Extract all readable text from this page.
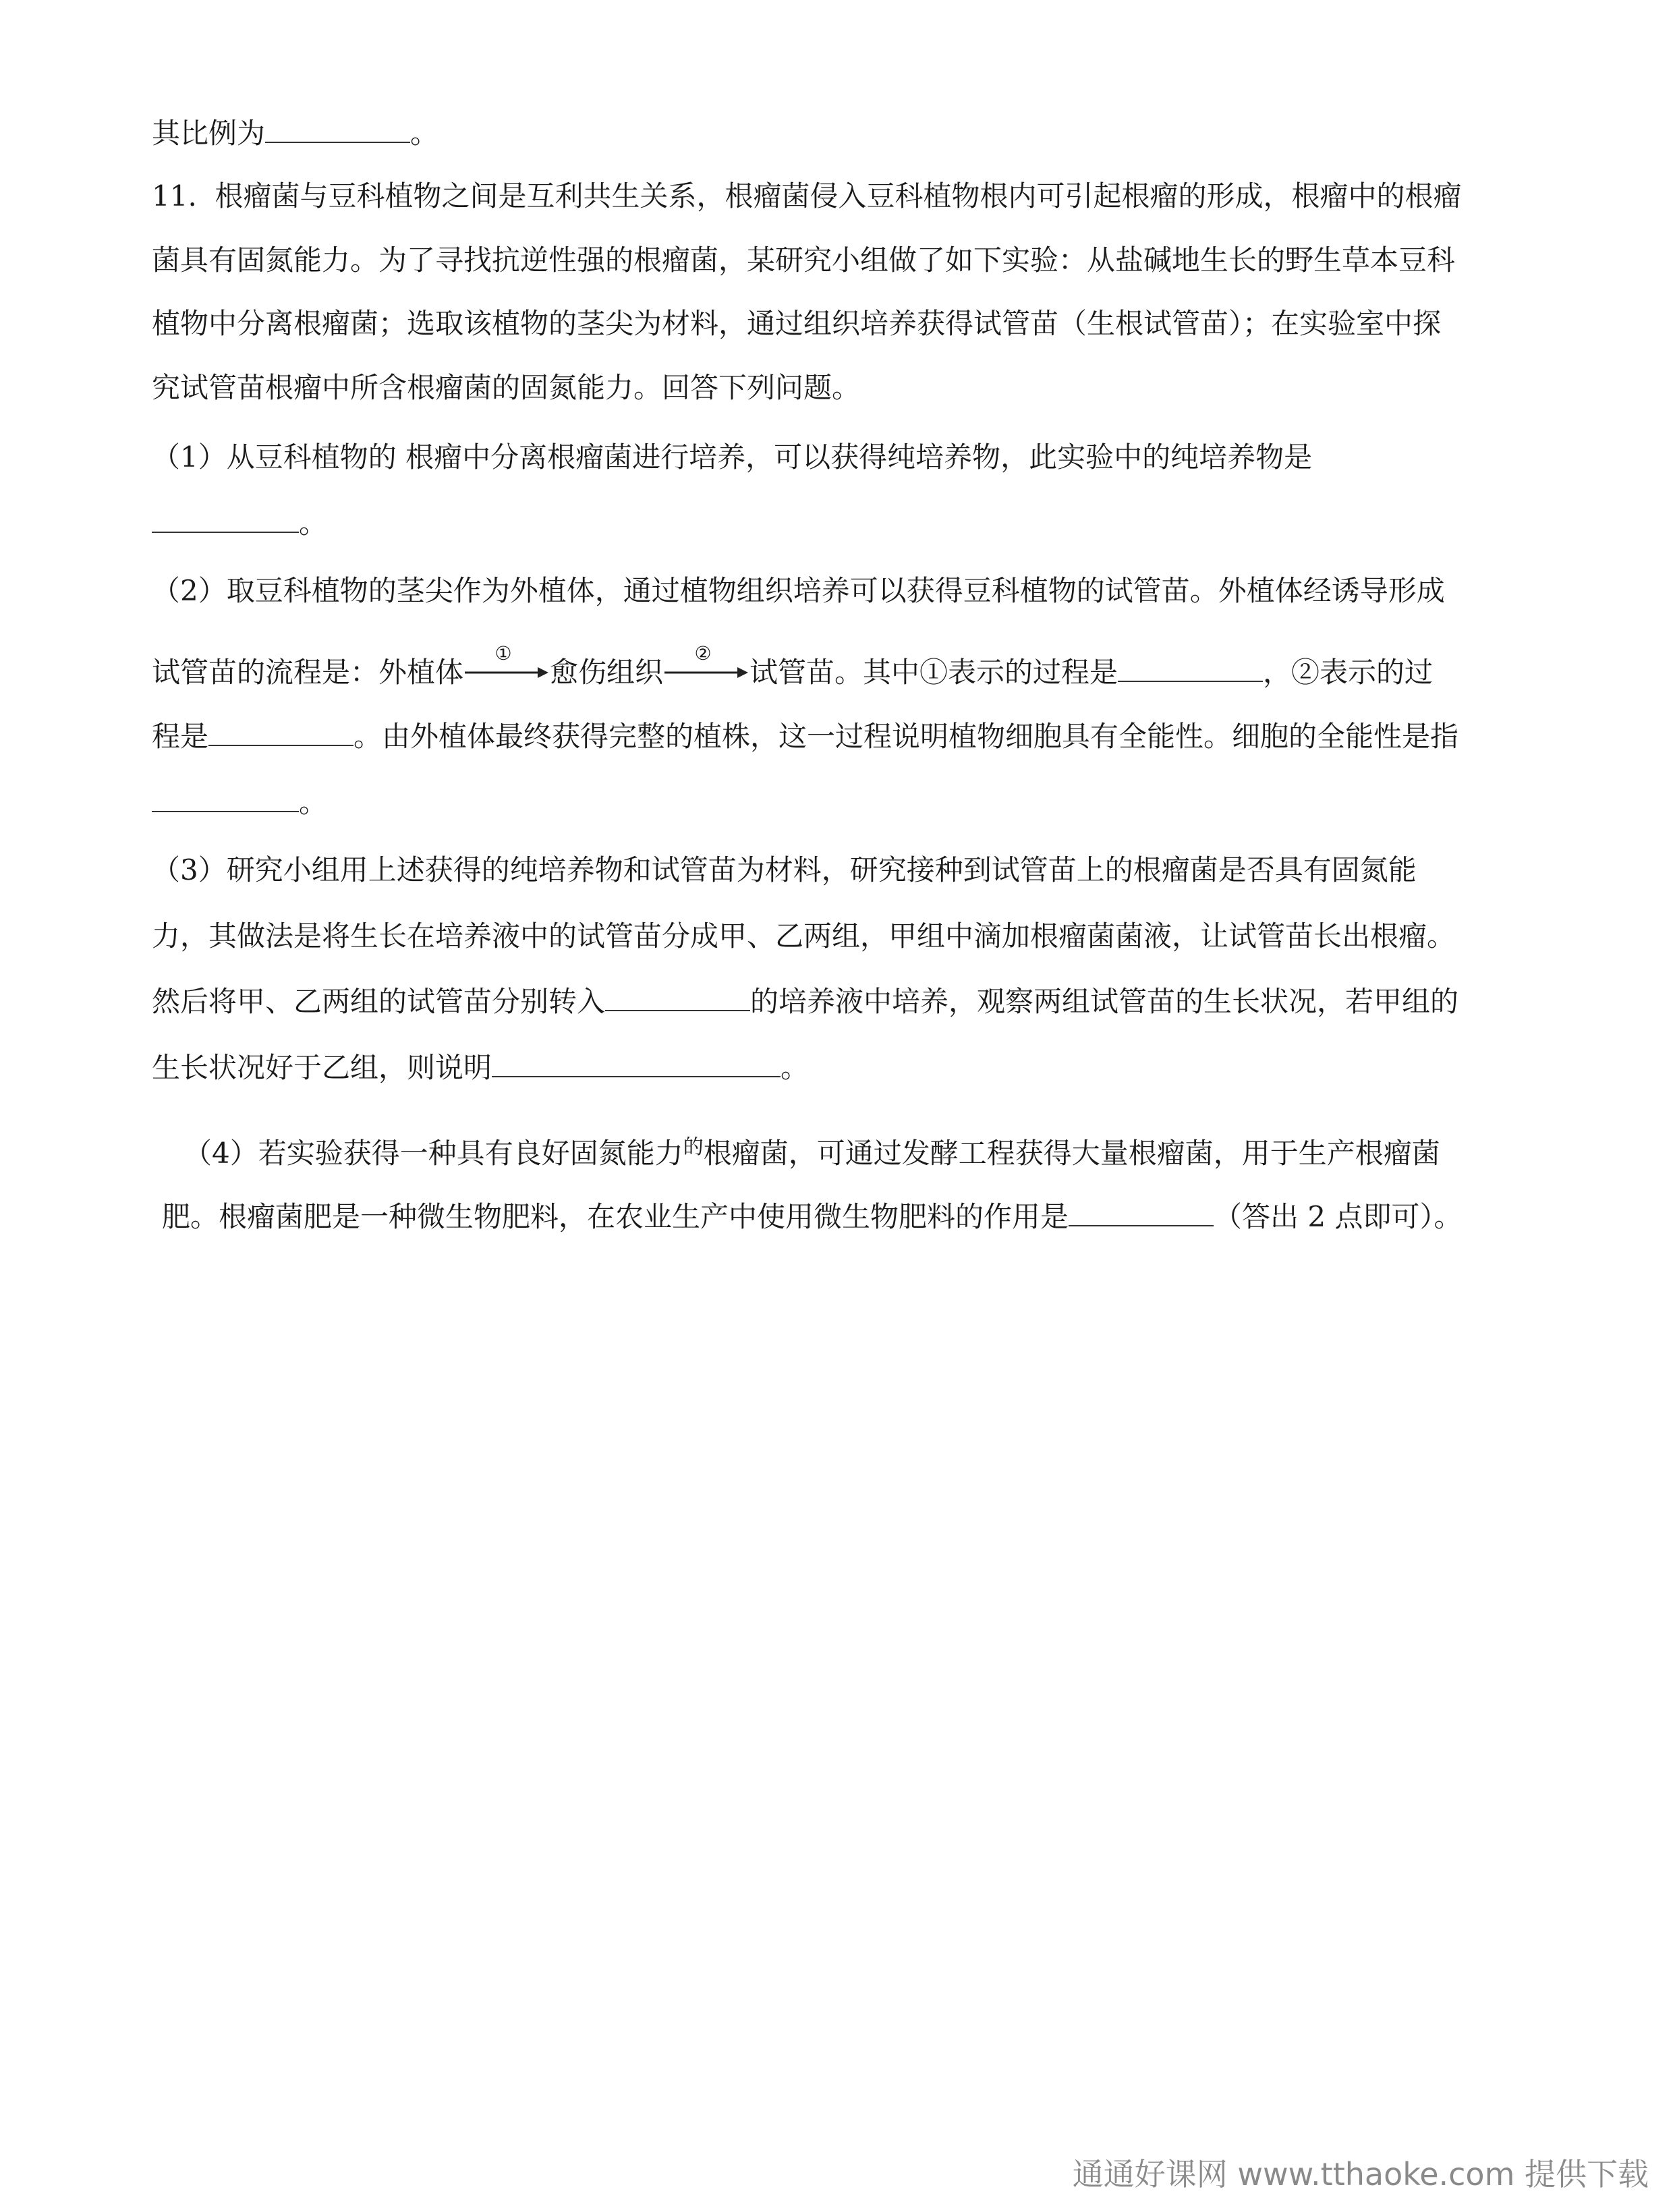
其比例为	。
11. 根瘤菌与豆科植物之间是互利共生关系，根瘤菌侵入豆科植物根内可引起根瘤的形成，根瘤中的根瘤
菌具有固氮能力。为了寻找抗逆性强的根瘤菌，某研究小组做了如下实验：从盐碱地生长的野生草本豆科
植物中分离根瘤菌；选取该植物的茎尖为材料，通过组织培养获得试管苗（生根试管苗）；在实验室中探
究试管苗根瘤中所含根瘤菌的固氮能力。回答下列问题。
（1）从豆科植物的 根瘤中分离根瘤菌进行培养，可以获得纯培养物，此实验中的纯培养物是
。
（2）取豆科植物的茎尖作为外植体，通过植物组织培养可以获得豆科植物的试管苗。外植体经诱导形成
试管苗的流程是：外植体
①
愈伤组织
②
试管苗。其中①表示的过程是	，②表示的过
程是	。由外植体最终获得完整的植株，这一过程说明植物细胞具有全能性。细胞的全能性是指
。
（3）研究小组用上述获得的纯培养物和试管苗为材料，研究接种到试管苗上的根瘤菌是否具有固氮能
力，其做法是将生长在培养液中的试管苗分成甲、乙两组，甲组中滴加根瘤菌菌液，让试管苗长出根瘤。
然后将甲、乙两组的试管苗分别转入	的培养液中培养，观察两组试管苗的生长状况，若甲组的
生长状况好于乙组，则说明	。
（4）若实验获得一种具有良好固氮能力$^的$根瘤菌，可通过发酵工程获得大量根瘤菌，用于生产根瘤菌
肥。根瘤菌肥是一种微生物肥料，在农业生产中使用微生物肥料的作用是	（答出 2 点即可）。
通通好课网 www.tthaoke.com 提供下载
